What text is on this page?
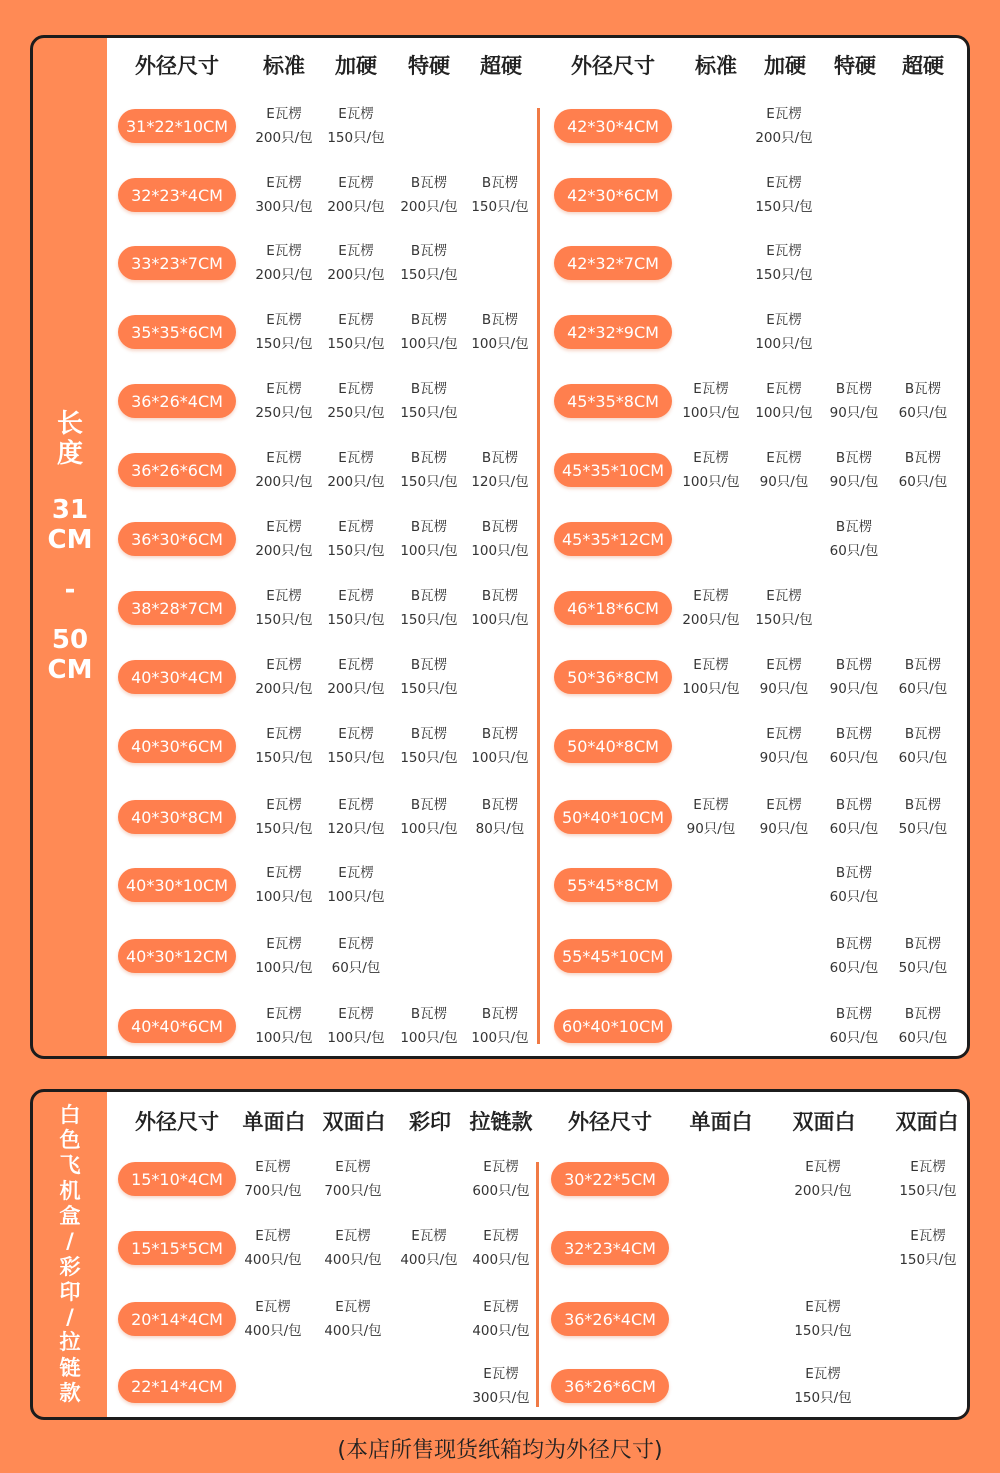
长
度
31
CM
-
50
CM
外径尺寸 标准 加硬 特硬 超硬 外径尺寸 标准 加硬 特硬 超硬
31*22*10CM
E瓦楞
200只/包
E瓦楞
150只/包
32*23*4CM
E瓦楞
300只/包
E瓦楞
200只/包
B瓦楞
200只/包
B瓦楞
150只/包
33*23*7CM
E瓦楞
200只/包
E瓦楞
200只/包
B瓦楞
150只/包
35*35*6CM
E瓦楞
150只/包
E瓦楞
150只/包
B瓦楞
100只/包
B瓦楞
100只/包
36*26*4CM
E瓦楞
250只/包
E瓦楞
250只/包
B瓦楞
150只/包
36*26*6CM
E瓦楞
200只/包
E瓦楞
200只/包
B瓦楞
150只/包
B瓦楞
120只/包
36*30*6CM
E瓦楞
200只/包
E瓦楞
150只/包
B瓦楞
100只/包
B瓦楞
100只/包
38*28*7CM
E瓦楞
150只/包
E瓦楞
150只/包
B瓦楞
150只/包
B瓦楞
100只/包
40*30*4CM
E瓦楞
200只/包
E瓦楞
200只/包
B瓦楞
150只/包
40*30*6CM
E瓦楞
150只/包
E瓦楞
150只/包
B瓦楞
150只/包
B瓦楞
100只/包
40*30*8CM
E瓦楞
150只/包
E瓦楞
120只/包
B瓦楞
100只/包
B瓦楞
80只/包
40*30*10CM
E瓦楞
100只/包
E瓦楞
100只/包
40*30*12CM
E瓦楞
100只/包
E瓦楞
60只/包
40*40*6CM
E瓦楞
100只/包
E瓦楞
100只/包
B瓦楞
100只/包
B瓦楞
100只/包
42*30*4CM
E瓦楞
200只/包
42*30*6CM
E瓦楞
150只/包
42*32*7CM
E瓦楞
150只/包
42*32*9CM
E瓦楞
100只/包
45*35*8CM
E瓦楞
100只/包
E瓦楞
100只/包
B瓦楞
90只/包
B瓦楞
60只/包
45*35*10CM
E瓦楞
100只/包
E瓦楞
90只/包
B瓦楞
90只/包
B瓦楞
60只/包
45*35*12CM
B瓦楞
60只/包
46*18*6CM
E瓦楞
200只/包
E瓦楞
150只/包
50*36*8CM
E瓦楞
100只/包
E瓦楞
90只/包
B瓦楞
90只/包
B瓦楞
60只/包
50*40*8CM
E瓦楞
90只/包
B瓦楞
60只/包
B瓦楞
60只/包
50*40*10CM
E瓦楞
90只/包
E瓦楞
90只/包
B瓦楞
60只/包
B瓦楞
50只/包
55*45*8CM
B瓦楞
60只/包
55*45*10CM
B瓦楞
60只/包
B瓦楞
50只/包
60*40*10CM
B瓦楞
60只/包
B瓦楞
60只/包
白
色
飞
机
盒
/
彩
印
/
拉
链
款
外径尺寸 单面白 双面白 彩印 拉链款 外径尺寸 单面白 双面白 双面白
15*10*4CM
E瓦楞
700只/包
E瓦楞
700只/包
E瓦楞
600只/包
15*15*5CM
E瓦楞
400只/包
E瓦楞
400只/包
E瓦楞
400只/包
E瓦楞
400只/包
20*14*4CM
E瓦楞
400只/包
E瓦楞
400只/包
E瓦楞
400只/包
22*14*4CM
E瓦楞
300只/包
30*22*5CM
E瓦楞
200只/包
E瓦楞
150只/包
32*23*4CM
E瓦楞
150只/包
36*26*4CM
E瓦楞
150只/包
36*26*6CM
E瓦楞
150只/包
(本店所售现货纸箱均为外径尺寸)
